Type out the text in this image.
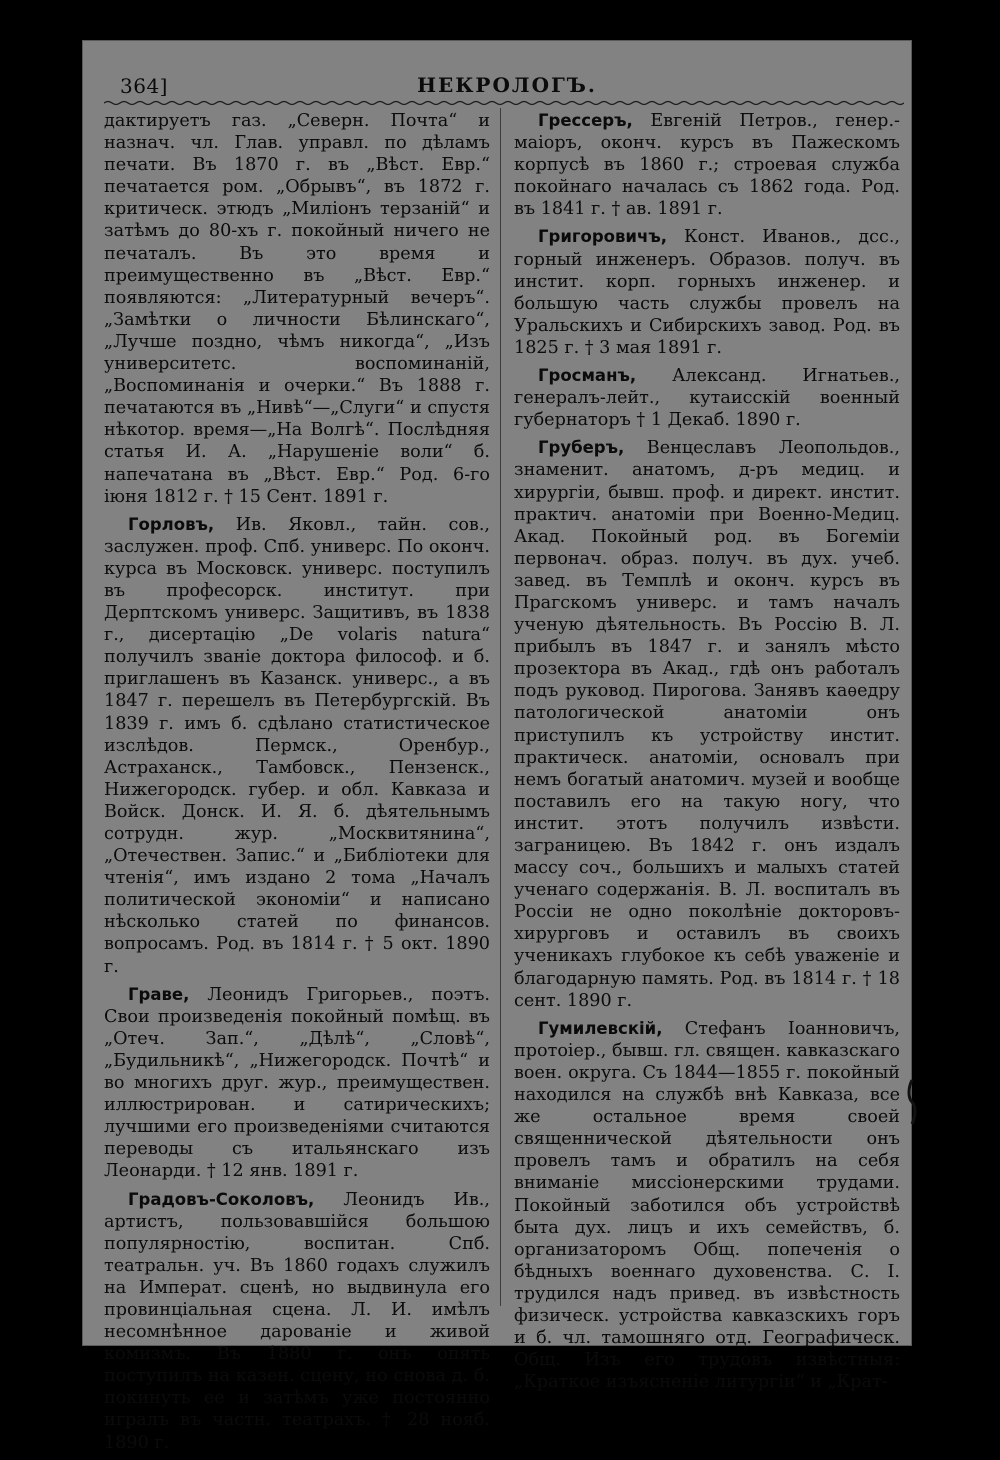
364]	НЕКРОЛОГЪ.

дактируетъ газ. „Северн. Почта“ и назнач. чл. Глав. управл. по дѣламъ печати. Въ 1870 г. въ „Вѣст. Евр.“ печатается ром. „Обрывъ“, въ 1872 г. критическ. этюдъ „Миліонъ терзаній“ и затѣмъ до 80-хъ г. покойный ничего не печаталъ. Въ это время и преимущественно въ „Вѣст. Евр.“ появляются: „Литературный вечеръ“. „Замѣтки о личности Бѣлинскаго“, „Лучше поздно, чѣмъ никогда“, „Изъ университетс. воспоминаній, „Воспоминанія и очерки.“ Въ 1888 г. печатаются въ „Нивѣ“—„Слуги“ и спустя нѣкотор. время—„На Волгѣ“. Послѣдняя статья И. А. „Нарушеніе воли“ б. напечатана въ „Вѣст. Евр.“ Род. 6-го іюня 1812 г. † 15 Сент. 1891 г.

Горловъ, Ив. Яковл., тайн. сов., заслужен. проф. Спб. универс. По оконч. курса въ Московск. универс. поступилъ въ професорск. институт. при Дерптскомъ универс. Защитивъ, въ 1838 г., дисертацію „De volaris natura“ получилъ званіе доктора философ. и б. приглашенъ въ Казанск. универс., а въ 1847 г. перешелъ въ Петербургскій. Въ 1839 г. имъ б. сдѣлано статистическое изслѣдов. Пермск., Оренбур., Астраханск., Тамбовск., Пензенск., Нижегородск. губер. и обл. Кавказа и Войск. Донск. И. Я. б. дѣятельнымъ сотрудн. жур. „Москвитянина“, „Отечествен. Запис.“ и „Библіотеки для чтенія“, имъ издано 2 тома „Началъ политической экономіи“ и написано нѣсколько статей по финансов. вопросамъ. Род. въ 1814 г. † 5 окт. 1890 г.

Граве, Леонидъ Григорьев., поэтъ. Свои произведенія покойный помѣщ. въ „Отеч. Зап.“, „Дѣлѣ“, „Словѣ“, „Будильникѣ“, „Нижегородск. Почтѣ“ и во многихъ друг. жур., преимуществен. иллюстрирован. и сатирическихъ; лучшими его произведеніями считаются переводы съ итальянскаго изъ Леонарди. † 12 янв. 1891 г.

Градовъ-Соколовъ, Леонидъ Ив., артистъ, пользовавшійся большою популярностію, воспитан. Спб. театральн. уч. Въ 1860 годахъ служилъ на Императ. сценѣ, но выдвинула его провинціальная сцена. Л. И. имѣлъ несомнѣнное дарованіе и живой комизмъ. Въ 1880 г. онъ опять поступилъ на казен. сцену, но снова д. б. покинуть ее и затѣмъ уже постоянно игралъ въ частн. театрахъ. † 28 нояб. 1890 г.

Грессеръ, Евгеній Петров., генер.-маіоръ, оконч. курсъ въ Пажескомъ корпусѣ въ 1860 г.; строевая служба покойнаго началась съ 1862 года. Род. въ 1841 г. † ав. 1891 г.

Григоровичъ, Конст. Иванов., дсс., горный инженеръ. Образов. получ. въ инстит. корп. горныхъ инженер. и большую часть службы провелъ на Уральскихъ и Сибирскихъ завод. Род. въ 1825 г. † 3 мая 1891 г.

Гросманъ, Александ. Игнатьев., генералъ-лейт., кутаисскій военный губернаторъ † 1 Декаб. 1890 г.

Груберъ, Венцеславъ Леопольдов., знаменит. анатомъ, д-ръ медиц. и хирургіи, бывш. проф. и директ. инстит. практич. анатоміи при Военно-Медиц. Акад. Покойный род. въ Богеміи первонач. образ. получ. въ дух. учеб. завед. въ Темплѣ и оконч. курсъ въ Прагскомъ универс. и тамъ началъ ученую дѣятельность. Въ Россію В. Л. прибылъ въ 1847 г. и занялъ мѣсто прозектора въ Акад., гдѣ онъ работалъ подъ руковод. Пирогова. Занявъ каѳедру патологической анатоміи онъ приступилъ къ устройству инстит. практическ. анатоміи, основалъ при немъ богатый анатомич. музей и вообще поставилъ его на такую ногу, что инстит. этотъ получилъ извѣсти. заграницею. Въ 1842 г. онъ издалъ массу соч., большихъ и малыхъ статей ученаго содержанія. В. Л. воспиталъ въ Россіи не одно поколѣніе докторовъ-хирурговъ и оставилъ въ своихъ ученикахъ глубокое къ себѣ уваженіе и благодарную память. Род. въ 1814 г. † 18 сент. 1890 г.

Гумилевскій, Стефанъ Іоанновичъ, протоіер., бывш. гл. священ. кавказскаго воен. округа. Съ 1844—1855 г. покойный находился на службѣ внѣ Кавказа, все же остальное время своей священнической дѣятельности онъ провелъ тамъ и обратилъ на себя вниманіе миссіонерскими трудами. Покойный заботился объ устройствѣ быта дух. лицъ и ихъ семействъ, б. организаторомъ Общ. попеченія о бѣдныхъ военнаго духовенства. С. І. трудился надъ привед. въ извѣстность физическ. устройства кавказскихъ горъ и б. чл. тамошняго отд. Географическ. Общ. Изъ его трудовъ извѣстныя: „Краткое изъясненіе литургіи“ и „Крат-
